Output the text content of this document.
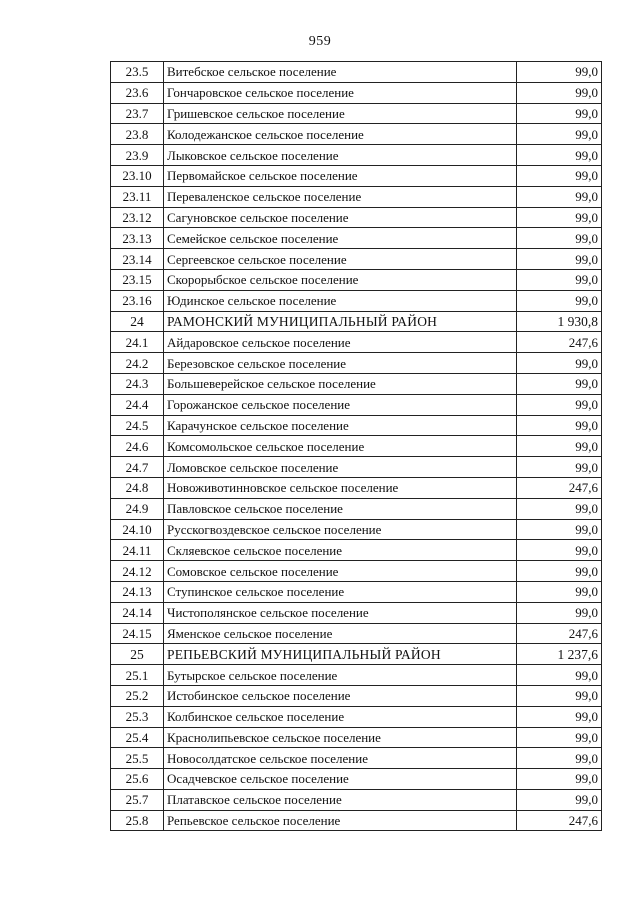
959
23.5	Витебское сельское поселение	99,0
23.6	Гончаровское сельское поселение	99,0
23.7	Гришевское сельское поселение	99,0
23.8	Колодежанское сельское поселение	99,0
23.9	Лыковское сельское поселение	99,0
23.10	Первомайское сельское поселение	99,0
23.11	Переваленское сельское поселение	99,0
23.12	Сагуновское сельское поселение	99,0
23.13	Семейское сельское поселение	99,0
23.14	Сергеевское сельское поселение	99,0
23.15	Скорорыбское сельское поселение	99,0
23.16	Юдинское сельское поселение	99,0
24	РАМОНСКИЙ МУНИЦИПАЛЬНЫЙ РАЙОН	1 930,8
24.1	Айдаровское сельское поселение	247,6
24.2	Березовское сельское поселение	99,0
24.3	Большеверейское сельское поселение	99,0
24.4	Горожанское сельское поселение	99,0
24.5	Карачунское сельское поселение	99,0
24.6	Комсомольское сельское поселение	99,0
24.7	Ломовское сельское поселение	99,0
24.8	Новоживотинновское сельское поселение	247,6
24.9	Павловское сельское поселение	99,0
24.10	Русскогвоздевское сельское поселение	99,0
24.11	Скляевское сельское поселение	99,0
24.12	Сомовское сельское поселение	99,0
24.13	Ступинское сельское поселение	99,0
24.14	Чистополянское сельское поселение	99,0
24.15	Яменское сельское поселение	247,6
25	РЕПЬЕВСКИЙ МУНИЦИПАЛЬНЫЙ РАЙОН	1 237,6
25.1	Бутырское сельское поселение	99,0
25.2	Истобинское сельское поселение	99,0
25.3	Колбинское сельское поселение	99,0
25.4	Краснолипьевское сельское поселение	99,0
25.5	Новосолдатское сельское поселение	99,0
25.6	Осадчевское сельское поселение	99,0
25.7	Платавское сельское поселение	99,0
25.8	Репьевское сельское поселение	247,6
